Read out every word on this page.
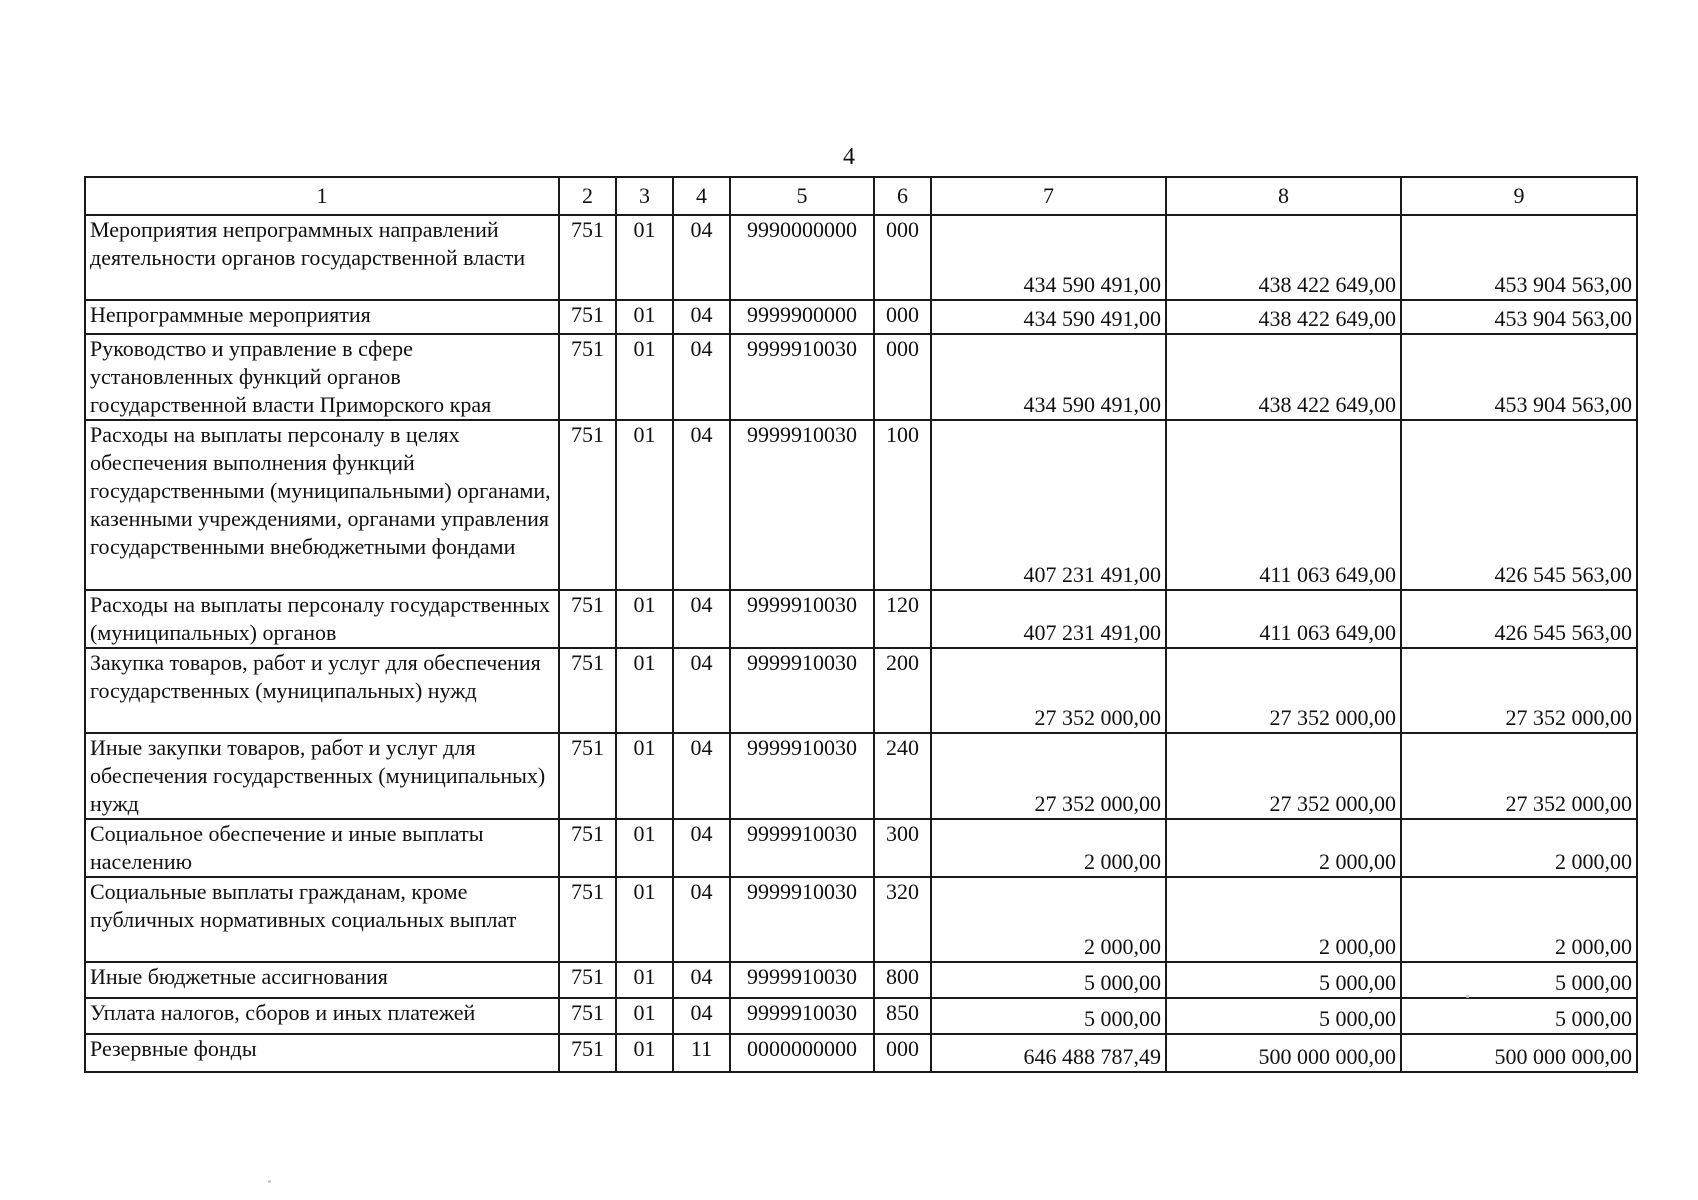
4
1	2	3	4	5	6	7	8	9
Мероприятия непрограммных направлений деятельности органов государственной власти	751	01	04	9990000000	000	434 590 491,00	438 422 649,00	453 904 563,00
Непрограммные мероприятия	751	01	04	9999900000	000	434 590 491,00	438 422 649,00	453 904 563,00
Руководство и управление в сфере установленных функций органов государственной власти Приморского края	751	01	04	9999910030	000	434 590 491,00	438 422 649,00	453 904 563,00
Расходы на выплаты персоналу в целях обеспечения выполнения функций государственными (муниципальными) органами, казенными учреждениями, органами управления государственными внебюджетными фондами	751	01	04	9999910030	100	407 231 491,00	411 063 649,00	426 545 563,00
Расходы на выплаты персоналу государственных (муниципальных) органов	751	01	04	9999910030	120	407 231 491,00	411 063 649,00	426 545 563,00
Закупка товаров, работ и услуг для обеспечения государственных (муниципальных) нужд	751	01	04	9999910030	200	27 352 000,00	27 352 000,00	27 352 000,00
Иные закупки товаров, работ и услуг для обеспечения государственных (муниципальных) нужд	751	01	04	9999910030	240	27 352 000,00	27 352 000,00	27 352 000,00
Социальное обеспечение и иные выплаты населению	751	01	04	9999910030	300	2 000,00	2 000,00	2 000,00
Социальные выплаты гражданам, кроме публичных нормативных социальных выплат	751	01	04	9999910030	320	2 000,00	2 000,00	2 000,00
Иные бюджетные ассигнования	751	01	04	9999910030	800	5 000,00	5 000,00	5 000,00
Уплата налогов, сборов и иных платежей	751	01	04	9999910030	850	5 000,00	5 000,00	5 000,00
Резервные фонды	751	01	11	0000000000	000	646 488 787,49	500 000 000,00	500 000 000,00
